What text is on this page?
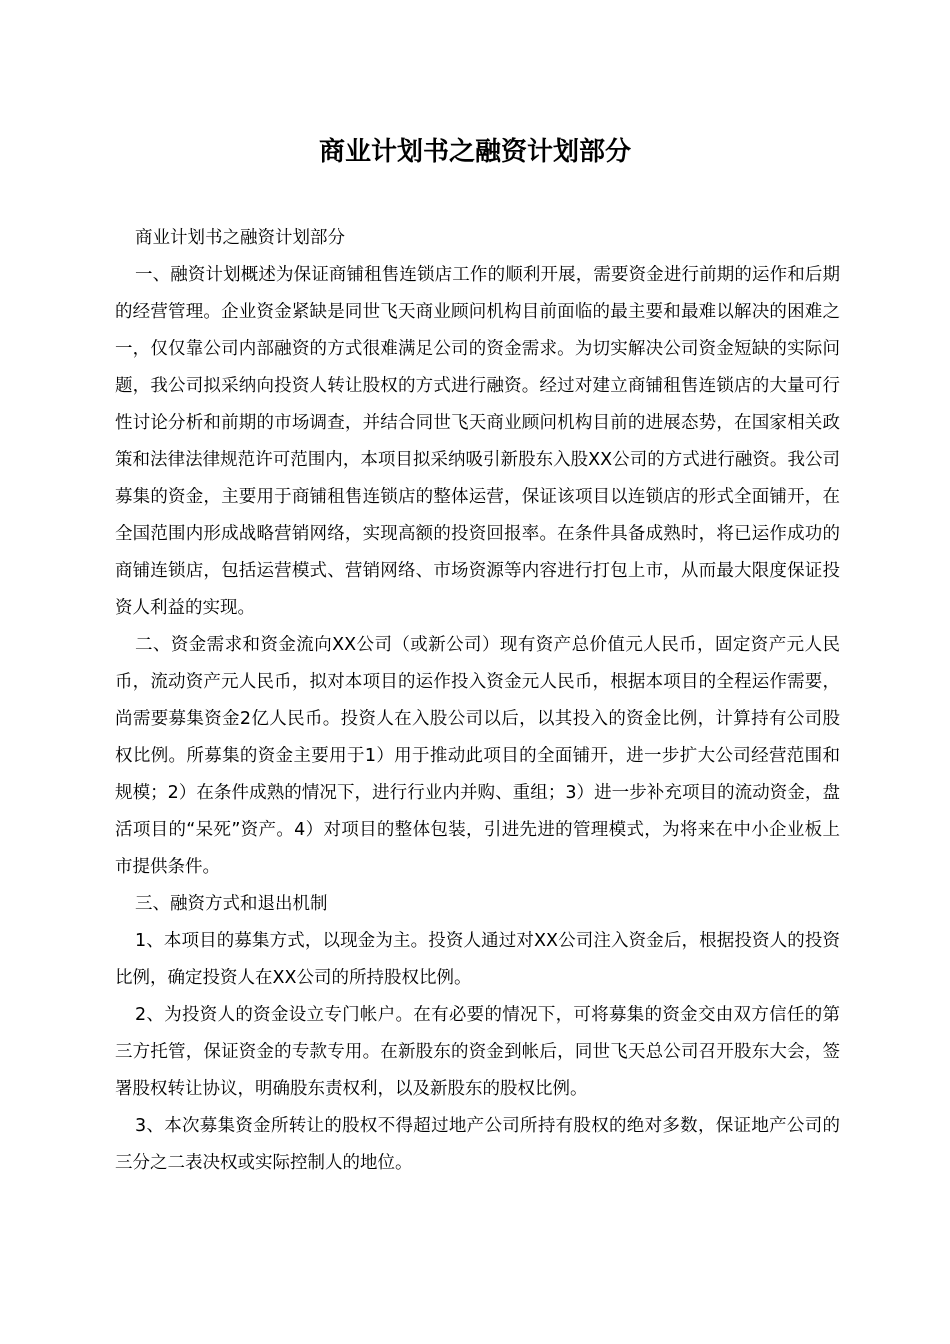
商业计划书之融资计划部分

商业计划书之融资计划部分

一、融资计划概述为保证商铺租售连锁店工作的顺利开展，需要资金进行前期的运作和后期的经营管理。企业资金紧缺是同世飞天商业顾问机构目前面临的最主要和最难以解决的困难之一，仅仅靠公司内部融资的方式很难满足公司的资金需求。为切实解决公司资金短缺的实际问题，我公司拟采纳向投资人转让股权的方式进行融资。经过对建立商铺租售连锁店的大量可行性讨论分析和前期的市场调查，并结合同世飞天商业顾问机构目前的进展态势，在国家相关政策和法律法律规范许可范围内，本项目拟采纳吸引新股东入股XX公司的方式进行融资。我公司募集的资金，主要用于商铺租售连锁店的整体运营，保证该项目以连锁店的形式全面铺开，在全国范围内形成战略营销网络，实现高额的投资回报率。在条件具备成熟时，将已运作成功的商铺连锁店，包括运营模式、营销网络、市场资源等内容进行打包上市，从而最大限度保证投资人利益的实现。

二、资金需求和资金流向XX公司（或新公司）现有资产总价值元人民币，固定资产元人民币，流动资产元人民币，拟对本项目的运作投入资金元人民币，根据本项目的全程运作需要，尚需要募集资金2亿人民币。投资人在入股公司以后，以其投入的资金比例，计算持有公司股权比例。所募集的资金主要用于1）用于推动此项目的全面铺开，进一步扩大公司经营范围和规模；2）在条件成熟的情况下，进行行业内并购、重组；3）进一步补充项目的流动资金，盘活项目的“呆死”资产。4）对项目的整体包装，引进先进的管理模式，为将来在中小企业板上市提供条件。

三、融资方式和退出机制

1、本项目的募集方式，以现金为主。投资人通过对XX公司注入资金后，根据投资人的投资比例，确定投资人在XX公司的所持股权比例。

2、为投资人的资金设立专门帐户。在有必要的情况下，可将募集的资金交由双方信任的第三方托管，保证资金的专款专用。在新股东的资金到帐后，同世飞天总公司召开股东大会，签署股权转让协议，明确股东责权利，以及新股东的股权比例。

3、本次募集资金所转让的股权不得超过地产公司所持有股权的绝对多数，保证地产公司的三分之二表决权或实际控制人的地位。
